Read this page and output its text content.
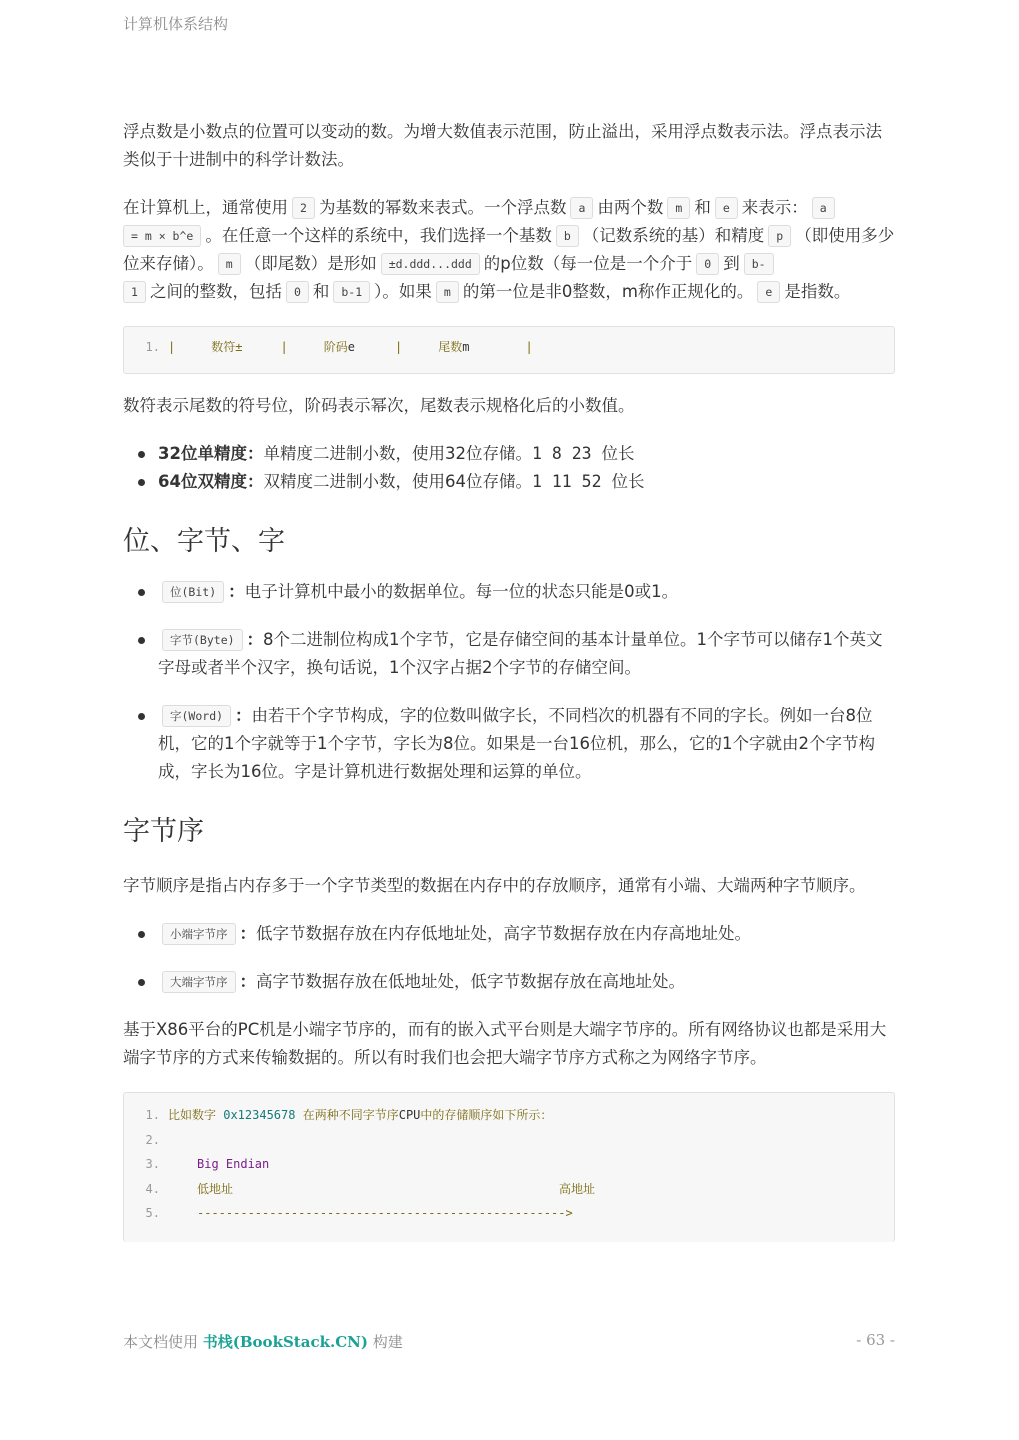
计算机体系结构

浮点数是小数点的位置可以变动的数。为增大数值表示范围，防止溢出，采用浮点数表示法。浮点表示法类似于十进制中的科学计数法。

在计算机上，通常使用 2 为基数的幂数来表式。一个浮点数 a 由两个数 m 和 e 来表示： a
= m × b^e 。在任意一个这样的系统中，我们选择一个基数 b （记数系统的基）和精度 p （即使用多少位来存储）。 m （即尾数）是形如 ±d.ddd...ddd 的p位数（每一位是一个介于 0 到 b-
1 之间的整数，包括 0 和 b-1 ）。如果 m 的第一位是非0整数，m称作正规化的。 e 是指数。

1. |	数符±	|	阶码e	|	尾数m	|

数符表示尾数的符号位，阶码表示幂次，尾数表示规格化后的小数值。

32位单精度：单精度二进制小数，使用32位存储。1 8 23 位长
64位双精度：双精度二进制小数，使用64位存储。1 11 52 位长
位、字节、字
位(Bit) ：电子计算机中最小的数据单位。每一位的状态只能是0或1。
字节(Byte) ：8个二进制位构成1个字节，它是存储空间的基本计量单位。1个字节可以储存1个英文字母或者半个汉字，换句话说，1个汉字占据2个字节的存储空间。
字(Word) ：由若干个字节构成，字的位数叫做字长，不同档次的机器有不同的字长。例如一台8位机，它的1个字就等于1个字节，字长为8位。如果是一台16位机，那么，它的1个字就由2个字节构成，字长为16位。字是计算机进行数据处理和运算的单位。
字节序

字节顺序是指占内存多于一个字节类型的数据在内存中的存放顺序，通常有小端、大端两种字节顺序。

小端字节序 ：低字节数据存放在内存低地址处，高字节数据存放在内存高地址处。
大端字节序 ：高字节数据存放在低地址处，低字节数据存放在高地址处。

基于X86平台的PC机是小端字节序的，而有的嵌入式平台则是大端字节序的。所有网络协议也都是采用大端字节序的方式来传输数据的。所以有时我们也会把大端字节序方式称之为网络字节序。

1. 比如数字 0x12345678 在两种不同字节序CPU中的存储顺序如下所示：
2.
3.	Big Endian
4.	低地址	高地址
5.	--------------------------------------------------->
本文档使用 书栈(BookStack.CN) 构建	- 63 -
